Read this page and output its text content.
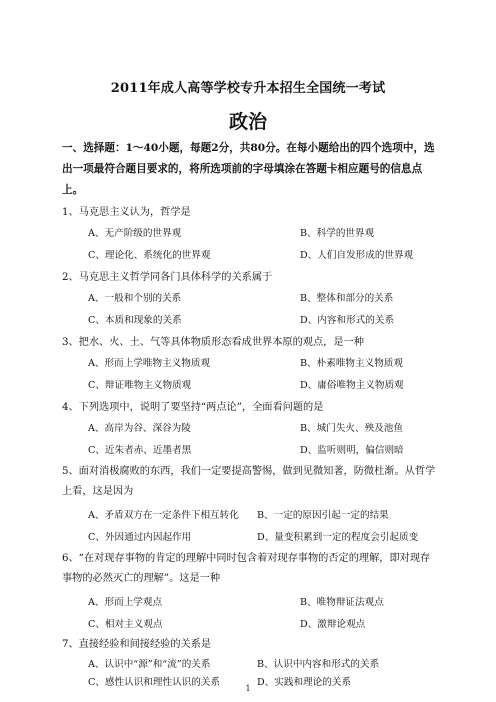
2011年成人高等学校专升本招生全国统一考试
政治
一、选择题：1～40小题，每题2分，共80分。在每小题给出的四个选项中，选出一项最符合题目要求的，将所选项前的字母填涂在答题卡相应题号的信息点上。
1、马克思主义认为，哲学是
A、无产阶级的世界观	B、科学的世界观
C、理论化、系统化的世界观	D、人们自发形成的世界观
2、马克思主义哲学同各门具体科学的关系属于
A、一般和个别的关系	B、整体和部分的关系
C、本质和现象的关系	D、内容和形式的关系
3、把水、火、土、气等具体物质形态看成世界本原的观点，是一种
A、形而上学唯物主义物质观	B、朴素唯物主义物质观
C、辩证唯物主义物质观	D、庸俗唯物主义物质观
4、下列选项中，说明了要坚持“两点论”，全面看问题的是
A、高岸为谷、深谷为陵	B、城门失火、殃及池鱼
C、近朱者赤、近墨者黑	D、监听则明，偏信则暗
5、面对消极腐败的东西，我们一定要提高警惕，做到见微知著，防微杜渐。从哲学上看，这是因为
A、矛盾双方在一定条件下相互转化 B、一定的原因引起一定的结果
C、外因通过内因起作用	D、量变积累到一定的程度会引起质变
6、“在对现存事物的肯定的理解中同时包含着对现存事物的否定的理解，即对现存事物的必然灭亡的理解”。这是一种
A、形而上学观点	B、唯物辩证法观点
C、相对主义观点	D、激辩论观点
7、直接经验和间接经验的关系是
A、认识中“源”和“流”的关系	B、认识中内容和形式的关系
C、感性认识和理性认识的关系	D、实践和理论的关系
1
